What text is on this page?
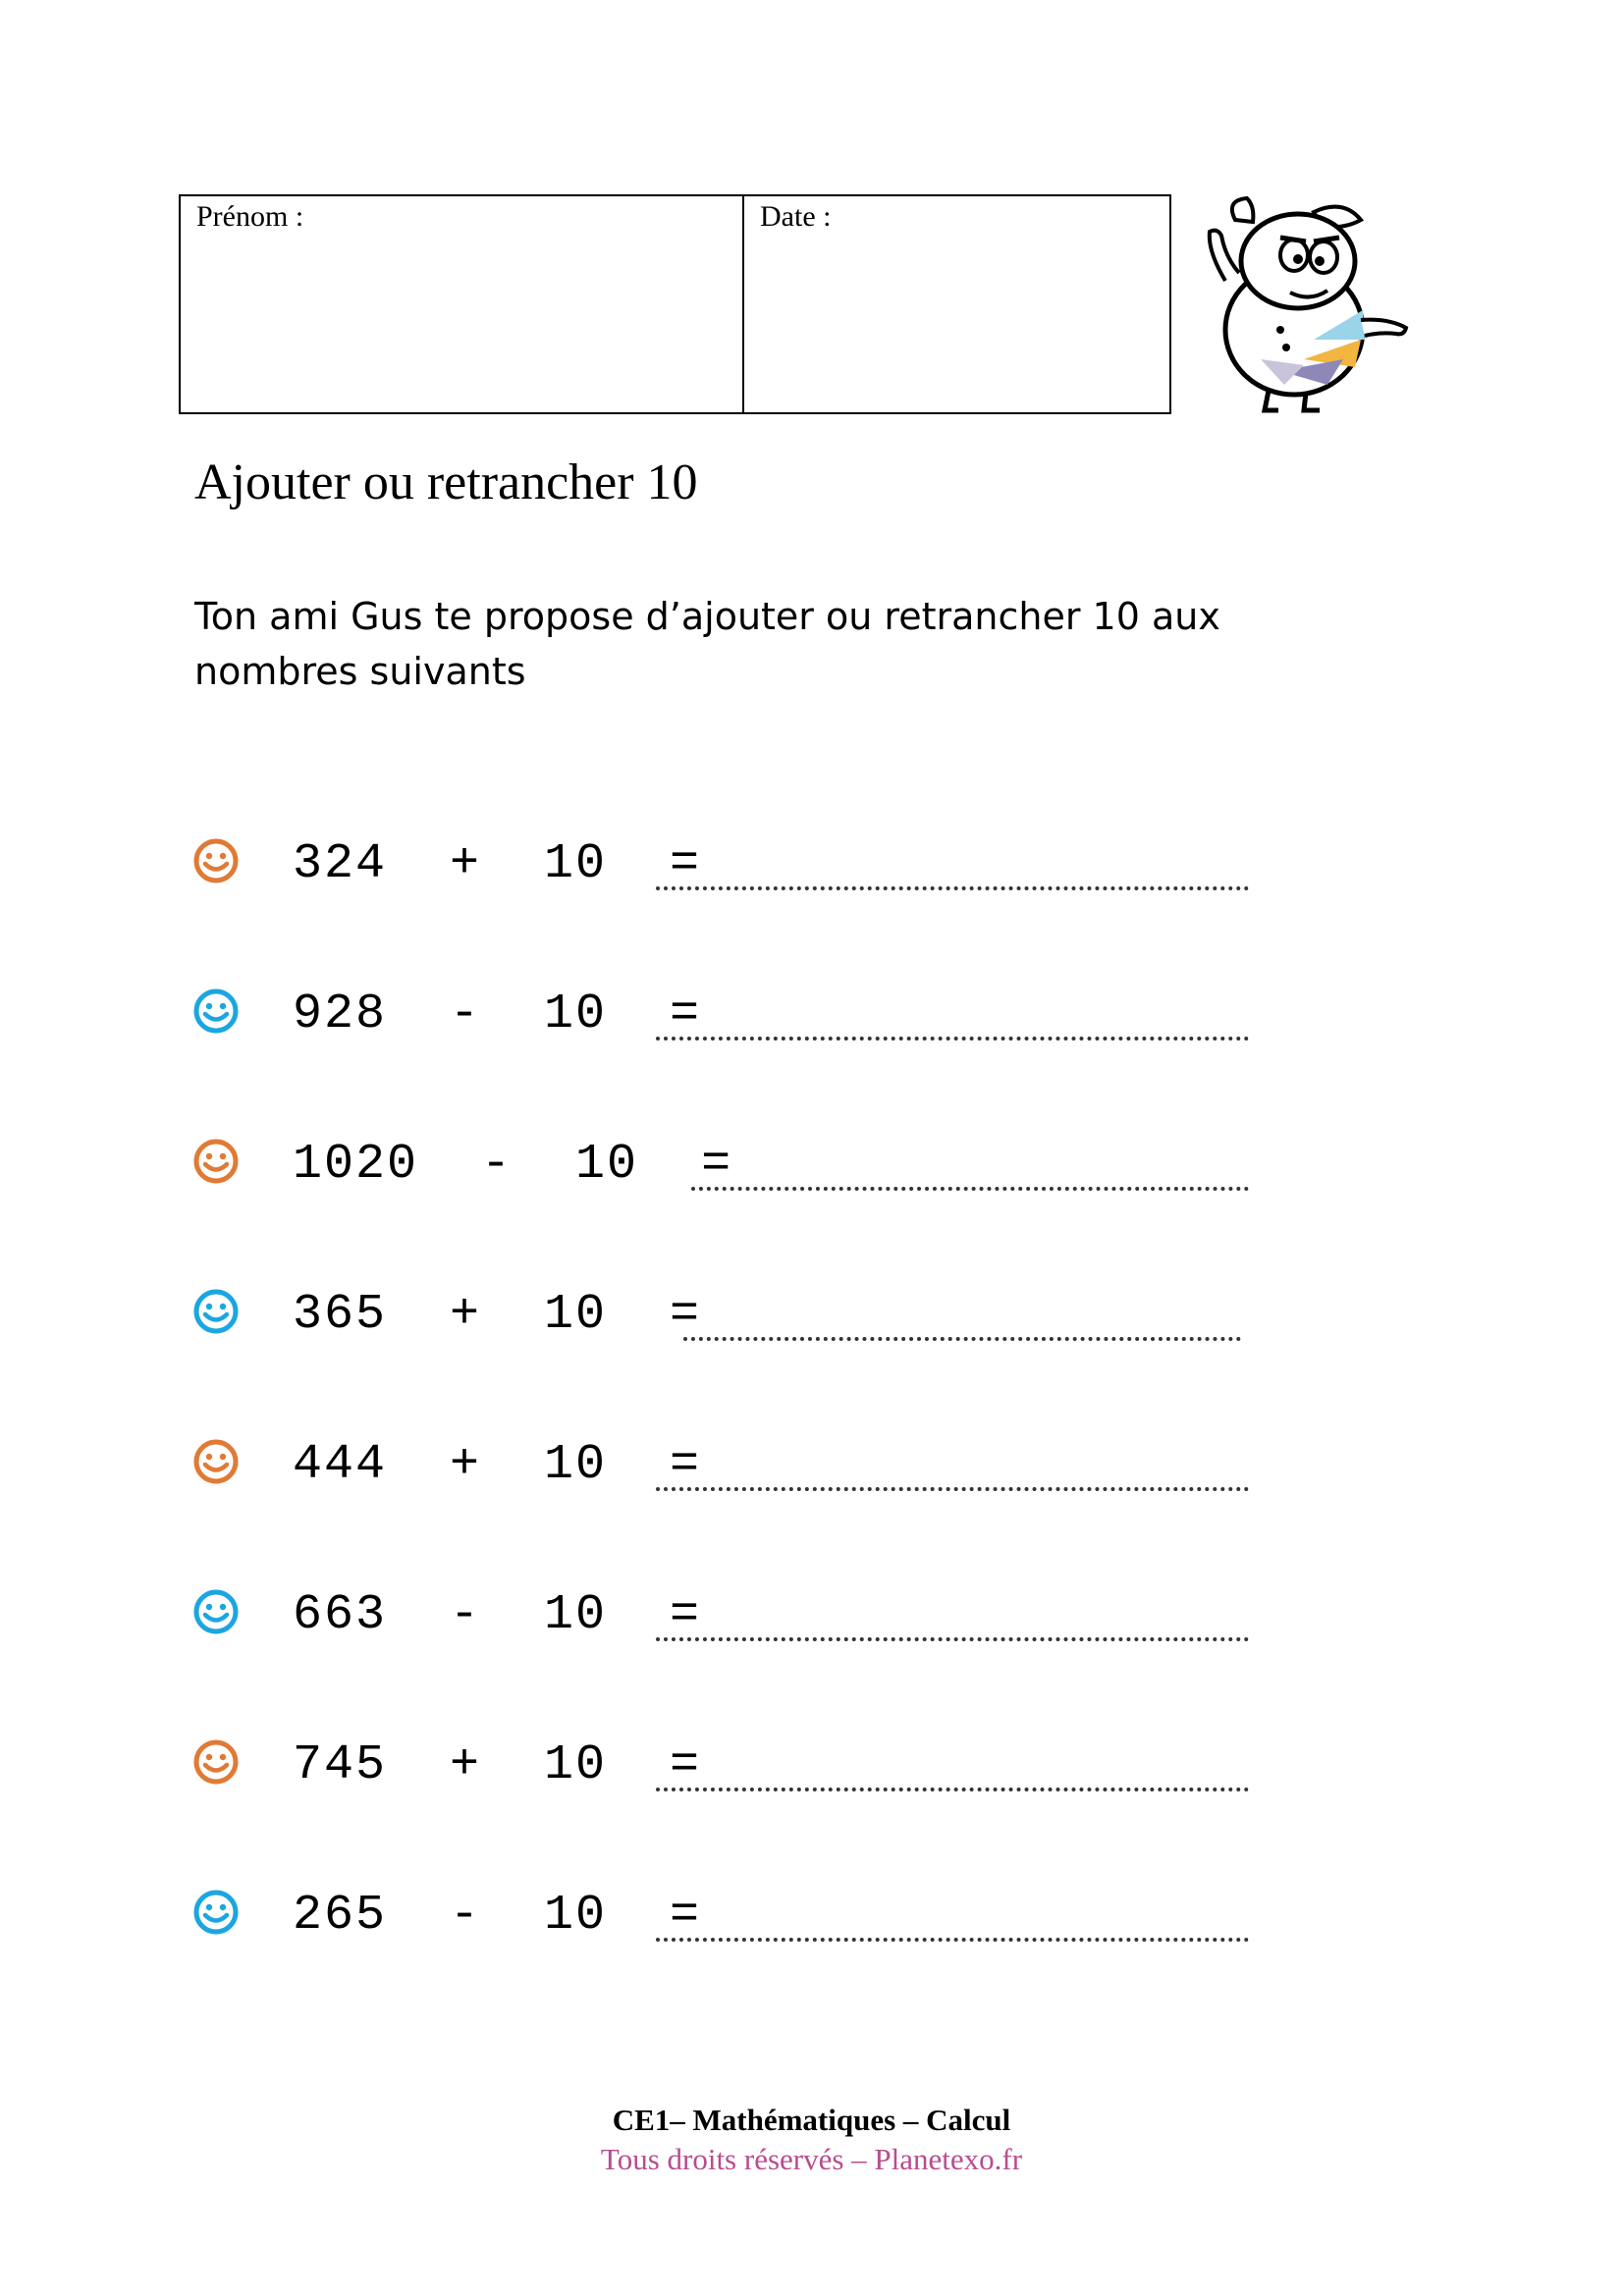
Prénom :	Date :
Ajouter ou retrancher 10
Ton ami Gus te propose d’ajouter ou retrancher 10 aux nombres suivants
324  +  10  =
928  -  10  =
1020  -  10  =
365  +  10  =
444  +  10  =
663  -  10  =
745  +  10  =
265  -  10  =
CE1– Mathématiques – Calcul
Tous droits réservés – Planetexo.fr
